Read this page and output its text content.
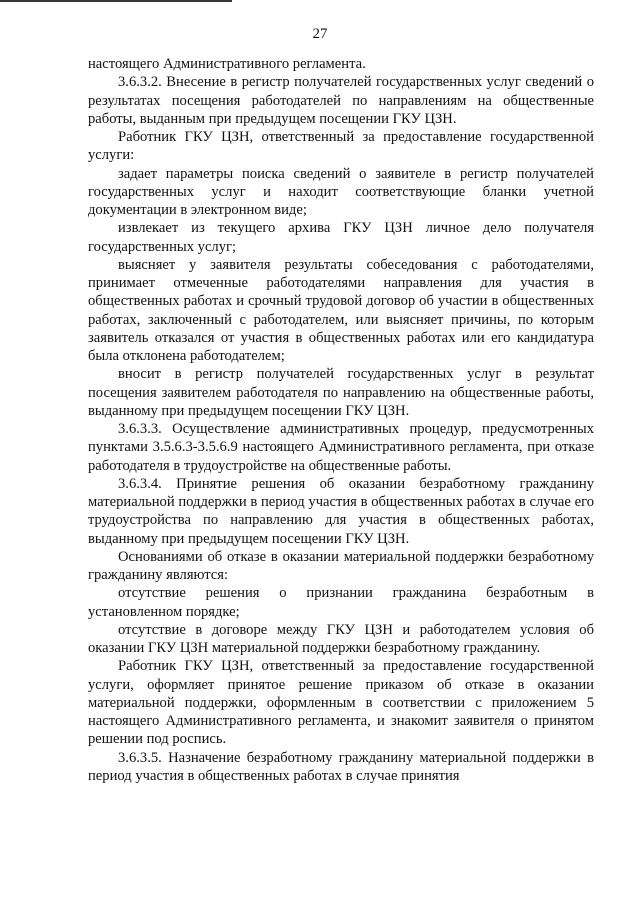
27

настоящего Административного регламента.

3.6.3.2. Внесение в регистр получателей государственных услуг сведений о результатах посещения работодателей по направлениям на общественные работы, выданным при предыдущем посещении ГКУ ЦЗН.

Работник ГКУ ЦЗН, ответственный за предоставление государственной услуги:

задает параметры поиска сведений о заявителе в регистр получателей государственных услуг и находит соответствующие бланки учетной документации в электронном виде;

извлекает из текущего архива ГКУ ЦЗН личное дело получателя государственных услуг;

выясняет у заявителя результаты собеседования с работодателями, принимает отмеченные работодателями направления для участия в общественных работах и срочный трудовой договор об участии в общественных работах, заключенный с работодателем, или выясняет причины, по которым заявитель отказался от участия в общественных работах или его кандидатура была отклонена работодателем;

вносит в регистр получателей государственных услуг в результат посещения заявителем работодателя по направлению на общественные работы, выданному при предыдущем посещении ГКУ ЦЗН.

3.6.3.3. Осуществление административных процедур, предусмотренных пунктами 3.5.6.3-3.5.6.9 настоящего Административного регламента, при отказе работодателя в трудоустройстве на общественные работы.

3.6.3.4. Принятие решения об оказании безработному гражданину материальной поддержки в период участия в общественных работах в случае его трудоустройства по направлению для участия в общественных работах, выданному при предыдущем посещении ГКУ ЦЗН.

Основаниями об отказе в оказании материальной поддержки безработному гражданину являются:

отсутствие решения о признании гражданина безработным в установленном порядке;

отсутствие в договоре между ГКУ ЦЗН и работодателем условия об оказании ГКУ ЦЗН материальной поддержки безработному гражданину.

Работник ГКУ ЦЗН, ответственный за предоставление государственной услуги, оформляет принятое решение приказом об отказе в оказании материальной поддержки, оформленным в соответствии с приложением 5 настоящего Административного регламента, и знакомит заявителя о принятом решении под роспись.

3.6.3.5. Назначение безработному гражданину материальной поддержки в период участия в общественных работах в случае принятия
